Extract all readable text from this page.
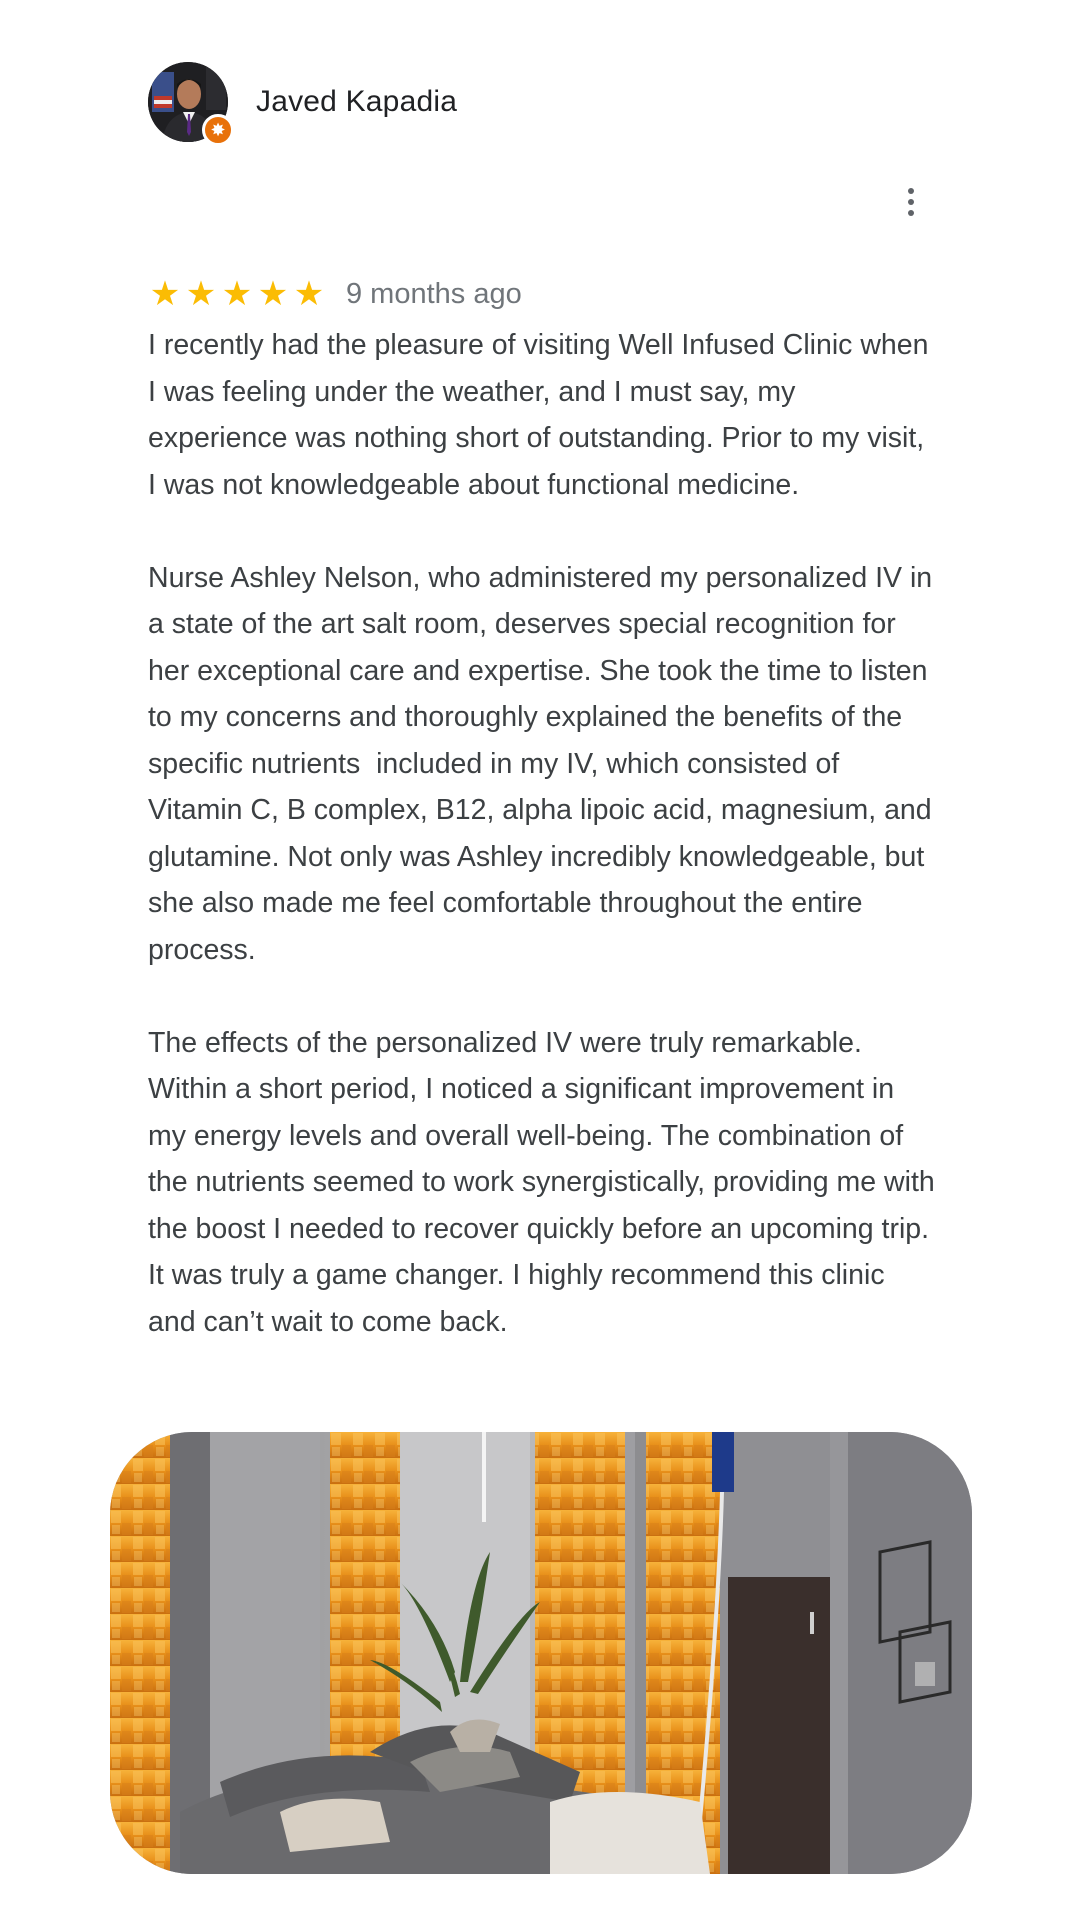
✸
Javed Kapadia
★ ★ ★ ★ ★ 9 months ago

I recently had the pleasure of visiting Well Infused Clinic when I was feeling under the weather, and I must say, my experience was nothing short of outstanding. Prior to my visit, I was not knowledgeable about functional medicine.

Nurse Ashley Nelson, who administered my personalized IV in a state of the art salt room, deserves special recognition for her exceptional care and expertise. She took the time to listen to my concerns and thoroughly explained the benefits of the specific nutrients  included in my IV, which consisted of Vitamin C, B complex, B12, alpha lipoic acid, magnesium, and glutamine. Not only was Ashley incredibly knowledgeable, but she also made me feel comfortable throughout the entire process.

The effects of the personalized IV were truly remarkable. Within a short period, I noticed a significant improvement in my energy levels and overall well-being. The combination of the nutrients seemed to work synergistically, providing me with the boost I needed to recover quickly before an upcoming trip. It was truly a game changer. I highly recommend this clinic and can’t wait to come back.
